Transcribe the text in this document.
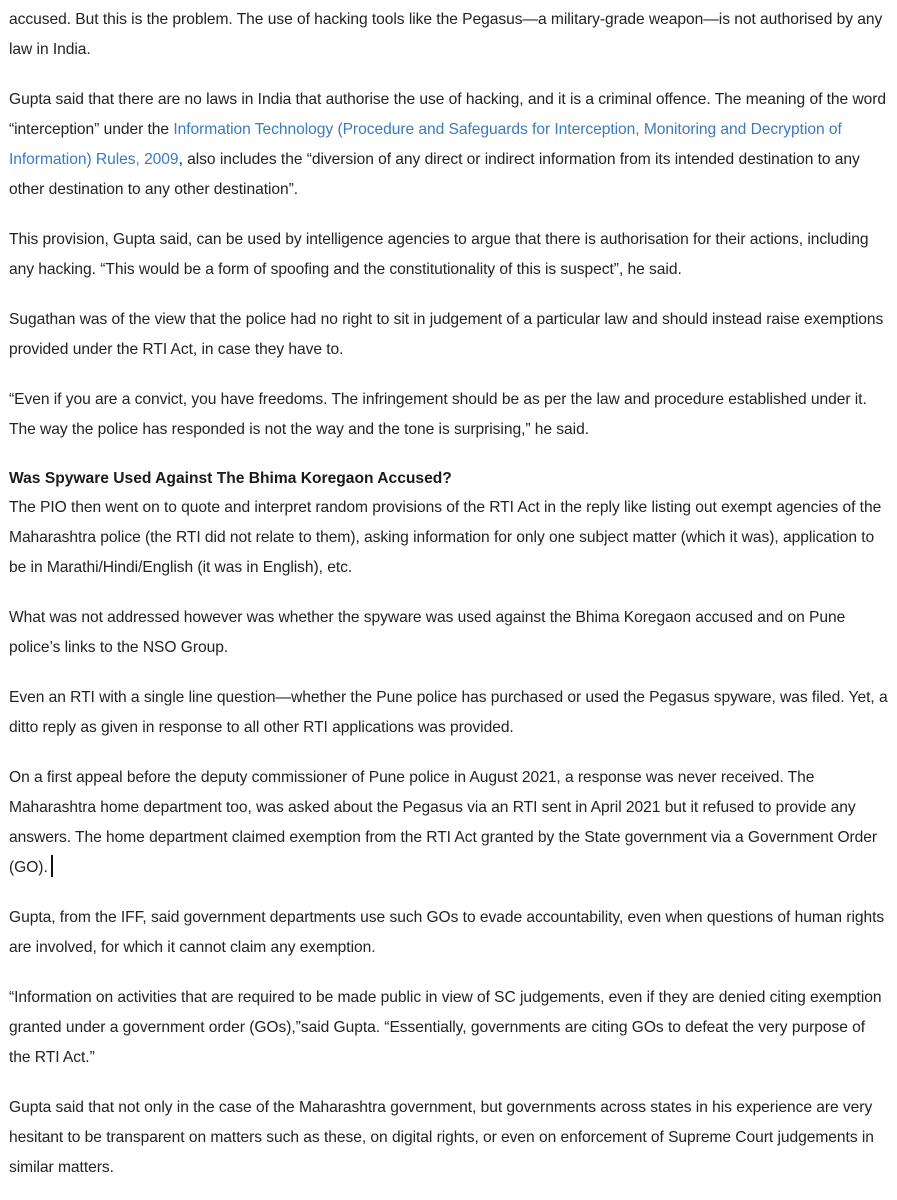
accused. But this is the problem. The use of hacking tools like the Pegasus—a military-grade weapon—is not authorised by any law in India.

Gupta said that there are no laws in India that authorise the use of hacking, and it is a criminal offence. The meaning of the word “interception” under the Information Technology (Procedure and Safeguards for Interception, Monitoring and Decryption of Information) Rules, 2009, also includes the “diversion of any direct or indirect information from its intended destination to any other destination to any other destination”.

This provision, Gupta said, can be used by intelligence agencies to argue that there is authorisation for their actions, including any hacking. “This would be a form of spoofing and the constitutionality of this is suspect”, he said.

Sugathan was of the view that the police had no right to sit in judgement of a particular law and should instead raise exemptions provided under the RTI Act, in case they have to.

“Even if you are a convict, you have freedoms. The infringement should be as per the law and procedure established under it. The way the police has responded is not the way and the tone is surprising,” he said.

Was Spyware Used Against The Bhima Koregaon Accused?

The PIO then went on to quote and interpret random provisions of the RTI Act in the reply like listing out exempt agencies of the Maharashtra police (the RTI did not relate to them), asking information for only one subject matter (which it was), application to be in Marathi/Hindi/English (it was in English), etc.

What was not addressed however was whether the spyware was used against the Bhima Koregaon accused and on Pune police’s links to the NSO Group.

Even an RTI with a single line question—whether the Pune police has purchased or used the Pegasus spyware, was filed. Yet, a ditto reply as given in response to all other RTI applications was provided.

On a first appeal before the deputy commissioner of Pune police in August 2021, a response was never received. The Maharashtra home department too, was asked about the Pegasus via an RTI sent in April 2021 but it refused to provide any answers. The home department claimed exemption from the RTI Act granted by the State government via a Government Order (GO).

Gupta, from the IFF, said government departments use such GOs to evade accountability, even when questions of human rights are involved, for which it cannot claim any exemption.

“Information on activities that are required to be made public in view of SC judgements, even if they are denied citing exemption granted under a government order (GOs),”said Gupta. “Essentially, governments are citing GOs to defeat the very purpose of the RTI Act.”

Gupta said that not only in the case of the Maharashtra government, but governments across states in his experience are very hesitant to be transparent on matters such as these, on digital rights, or even on enforcement of Supreme Court judgements in similar matters.
